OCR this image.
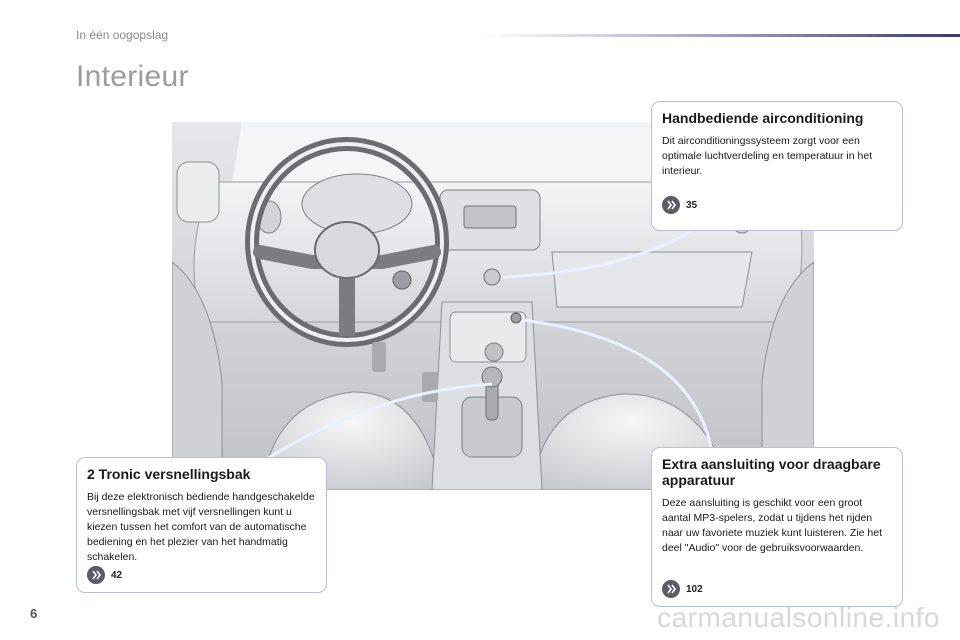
In één oogopslag
Interieur
Handbediende airconditioning

Dit airconditioningssysteem zorgt voor een optimale luchtverdeling en temperatuur in het interieur.

35
2 Tronic versnellingsbak

Bij deze elektronisch bediende handgeschakelde versnellingsbak met vijf versnellingen kunt u kiezen tussen het comfort van de automatische bediening en het plezier van het handmatig schakelen.

42
Extra aansluiting voor draagbare apparatuur

Deze aansluiting is geschikt voor een groot aantal MP3-spelers, zodat u tijdens het rijden naar uw favoriete muziek kunt luisteren. Zie het deel "Audio" voor de gebruiksvoorwaarden.

102
6	carmanualsonline.info
